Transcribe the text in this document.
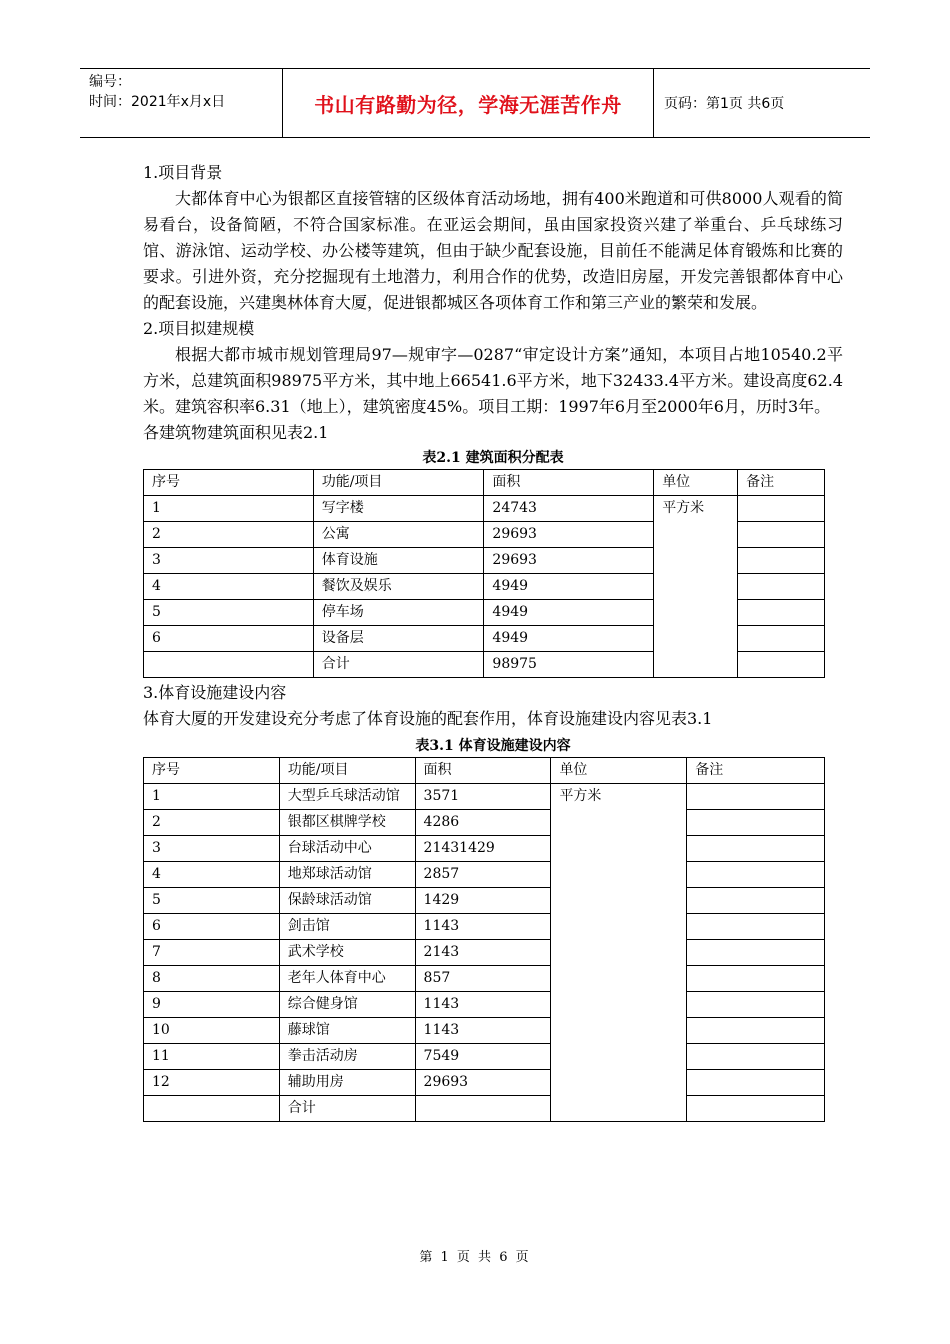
编号：
时间：2021年x月x日	书山有路勤为径，学海无涯苦作舟	页码：第1页 共6页

1.项目背景

大都体育中心为银都区直接管辖的区级体育活动场地，拥有400米跑道和可供8000人观看的简易看台，设备简陋，不符合国家标准。在亚运会期间，虽由国家投资兴建了举重台、乒乓球练习馆、游泳馆、运动学校、办公楼等建筑，但由于缺少配套设施，目前任不能满足体育锻炼和比赛的要求。引进外资，充分挖掘现有土地潜力，利用合作的优势，改造旧房屋，开发完善银都体育中心的配套设施，兴建奥林体育大厦，促进银都城区各项体育工作和第三产业的繁荣和发展。

2.项目拟建规模

根据大都市城市规划管理局97—规审字—0287“审定设计方案”通知，本项目占地10540.2平方米，总建筑面积98975平方米，其中地上66541.6平方米，地下32433.4平方米。建设高度62.4米。建筑容积率6.31（地上），建筑密度45%。项目工期：1997年6月至2000年6月，历时3年。

各建筑物建筑面积见表2.1

表2.1 建筑面积分配表

序号	功能/项目	面积	单位	备注
1	写字楼	24743	平方米	
2	公寓	29693		
3	体育设施	29693		
4	餐饮及娱乐	4949		
5	停车场	4949		
6	设备层	4949		
	合计	98975		

3.体育设施建设内容

体育大厦的开发建设充分考虑了体育设施的配套作用，体育设施建设内容见表3.1

表3.1 体育设施建设内容

序号	功能/项目	面积	单位	备注
1	大型乒乓球活动馆	3571	平方米	
2	银都区棋牌学校	4286		
3	台球活动中心	21431429		
4	地郑球活动馆	2857		
5	保龄球活动馆	1429		
6	剑击馆	1143		
7	武术学校	2143		
8	老年人体育中心	857		
9	综合健身馆	1143		
10	藤球馆	1143		
11	拳击活动房	7549		
12	辅助用房	29693		
	合计			
第 1 页 共 6 页
